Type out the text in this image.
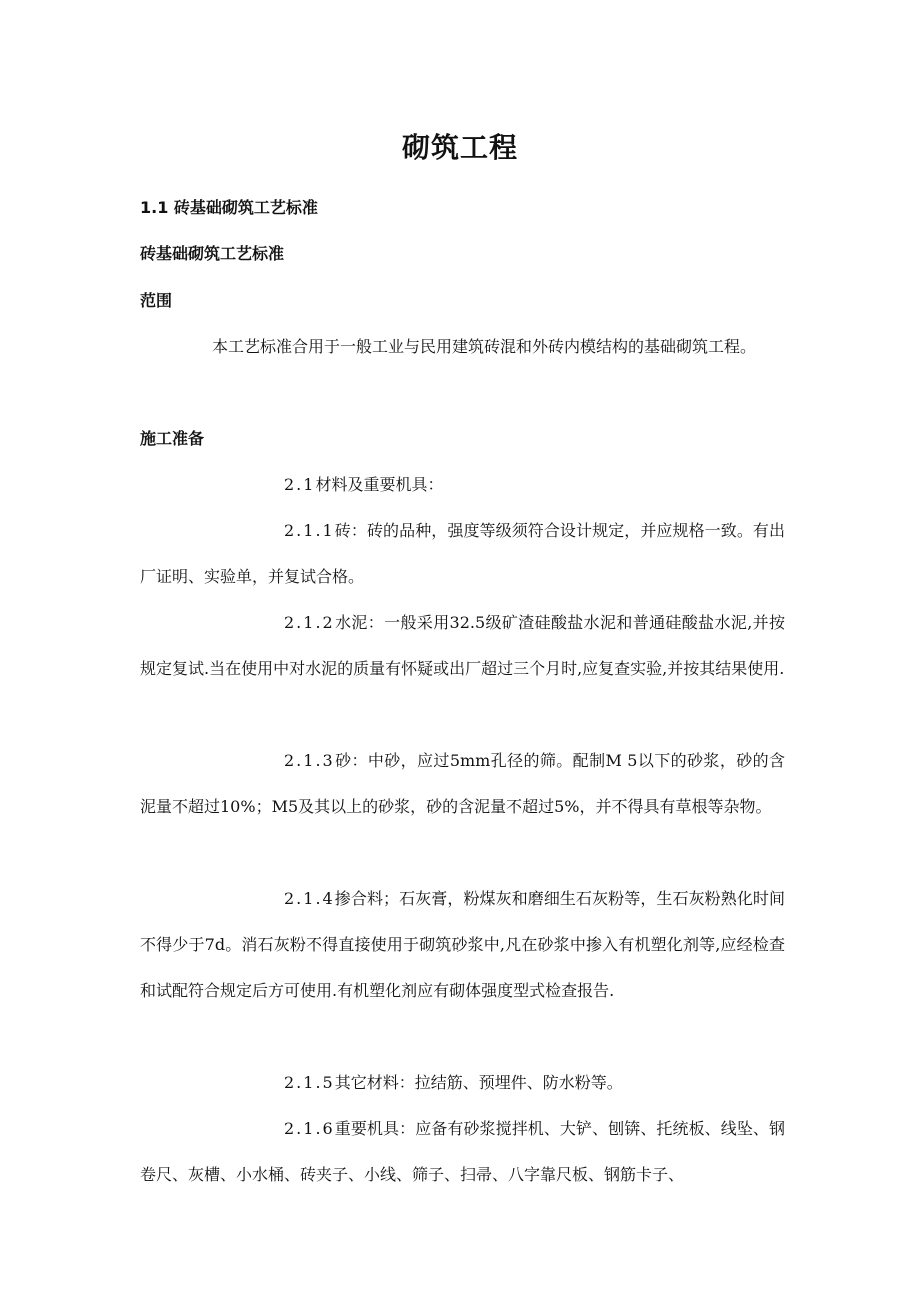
砌筑工程
1.1 砖基础砌筑工艺标准
砖基础砌筑工艺标准
范围

本工艺标准合用于一般工业与民用建筑砖混和外砖内模结构的基础砌筑工程。

施工准备

2.1材料及重要机具：

2.1.1砖：砖的品种，强度等级须符合设计规定，并应规格一致。有出厂证明、实验单，并复试合格。

2.1.2水泥：一般采用32.5级矿渣硅酸盐水泥和普通硅酸盐水泥,并按规定复试.当在使用中对水泥的质量有怀疑或出厂超过三个月时,应复查实验,并按其结果使用.

2.1.3砂：中砂，应过5mm孔径的筛。配制M 5以下的砂浆，砂的含泥量不超过10%；M5及其以上的砂浆，砂的含泥量不超过5%，并不得具有草根等杂物。

2.1.4掺合料；石灰膏，粉煤灰和磨细生石灰粉等，生石灰粉熟化时间不得少于7d。消石灰粉不得直接使用于砌筑砂浆中,凡在砂浆中掺入有机塑化剂等,应经检查和试配符合规定后方可使用.有机塑化剂应有砌体强度型式检查报告.

2.1.5其它材料：拉结筋、预埋件、防水粉等。

2.1.6重要机具：应备有砂浆搅拌机、大铲、刨锛、托统板、线坠、钢卷尺、灰槽、小水桶、砖夹子、小线、筛子、扫帚、八字靠尺板、钢筋卡子、
